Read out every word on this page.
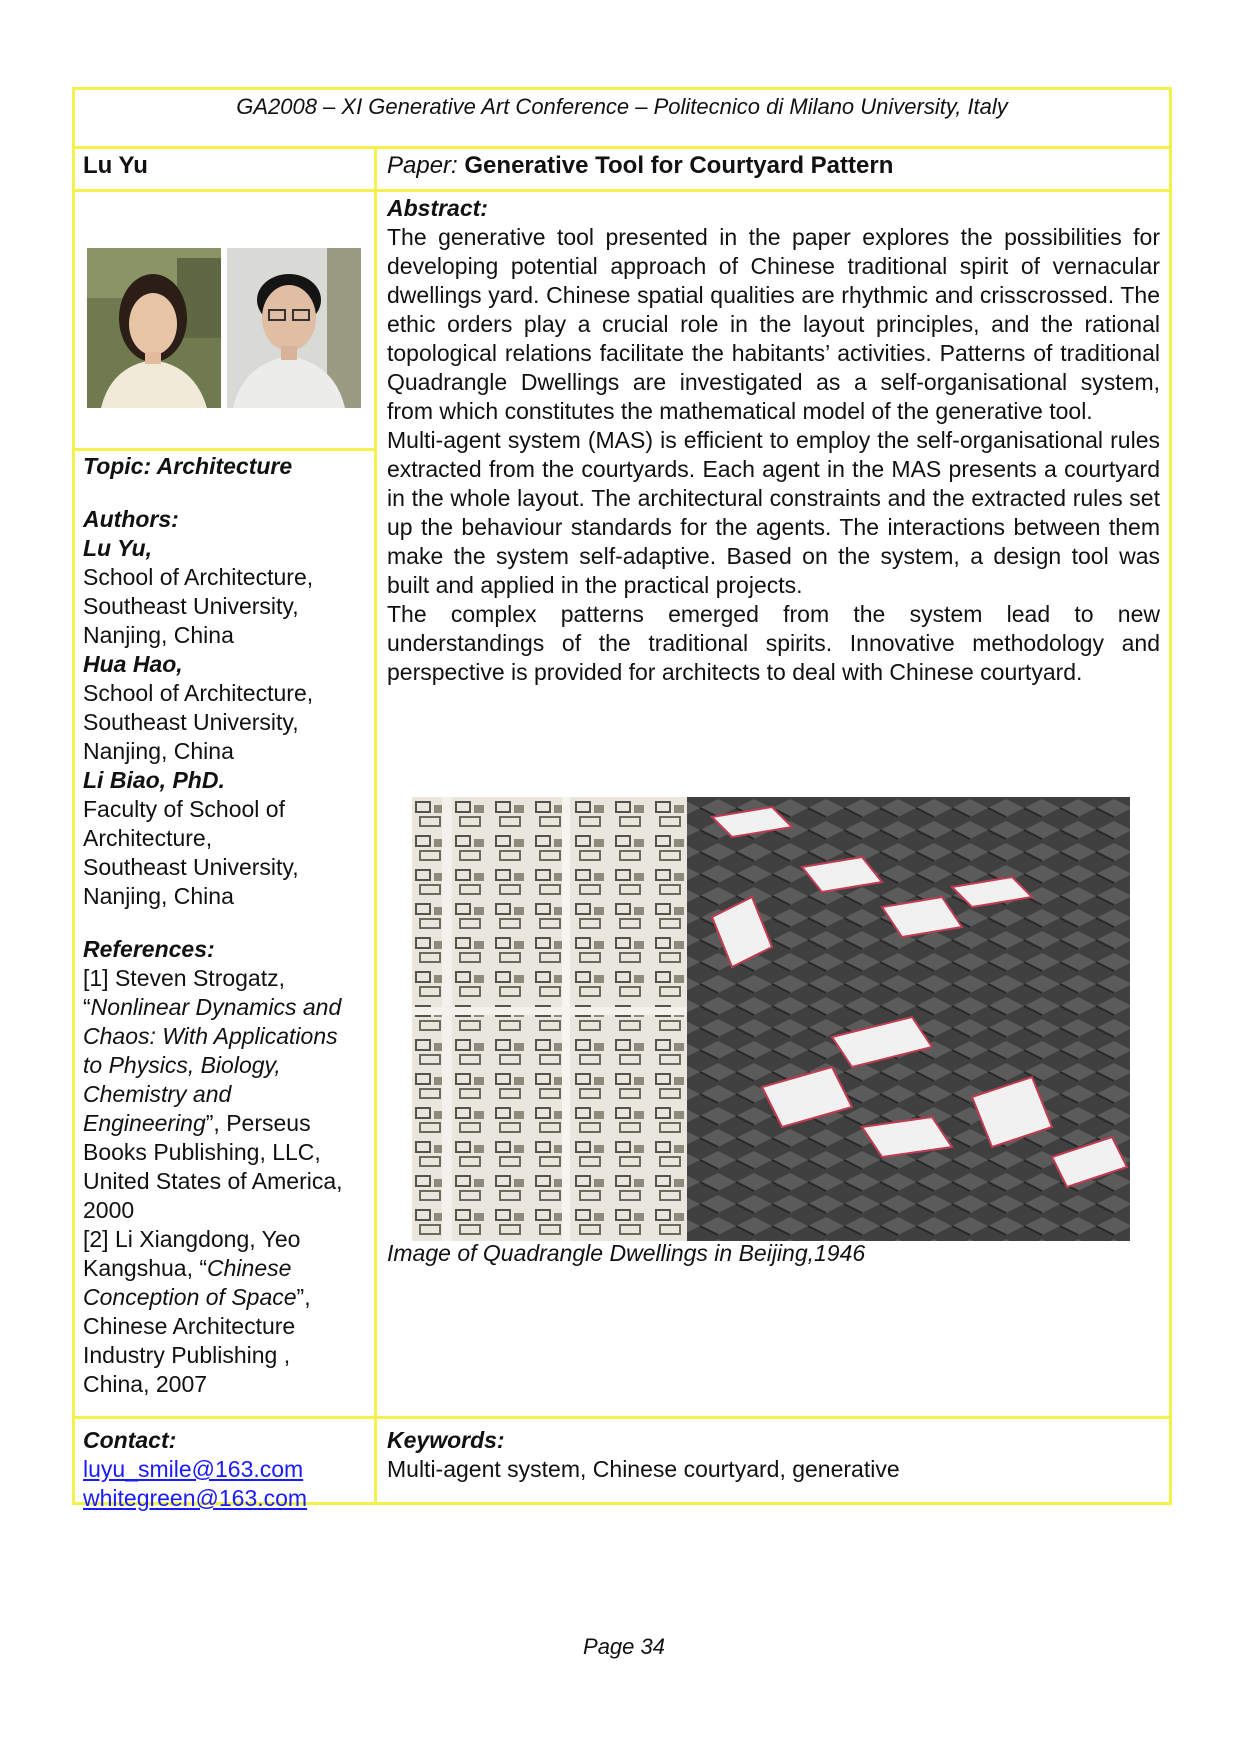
GA2008 – XI Generative Art Conference – Politecnico di Milano University, Italy
Lu Yu	Paper: Generative Tool for Courtyard Pattern
Topic: Architecture
Authors:
Lu Yu,
School of Architecture,
Southeast University,
Nanjing, China
Hua Hao,
School of Architecture,
Southeast University,
Nanjing, China
Li Biao, PhD.
Faculty of School of
Architecture,
Southeast University,
Nanjing, China
References:
[1] Steven Strogatz, “Nonlinear Dynamics and Chaos: With Applications to Physics, Biology, Chemistry and Engineering”, Perseus Books Publishing, LLC, United States of America, 2000
[2] Li Xiangdong, Yeo Kangshua, “Chinese Conception of Space”, Chinese Architecture Industry Publishing , China, 2007
Abstract:

The generative tool presented in the paper explores the possibilities for developing potential approach of Chinese traditional spirit of vernacular dwellings yard. Chinese spatial qualities are rhythmic and crisscrossed. The ethic orders play a crucial role in the layout principles, and the rational topological relations facilitate the habitants’ activities. Patterns of traditional Quadrangle Dwellings are investigated as a self-organisational system, from which constitutes the mathematical model of the generative tool.

Multi-agent system (MAS) is efficient to employ the self-organisational rules extracted from the courtyards. Each agent in the MAS presents a courtyard in the whole layout. The architectural constraints and the extracted rules set up the behaviour standards for the agents. The interactions between them make the system self-adaptive. Based on the system, a design tool was built and applied in the practical projects.

The complex patterns emerged from the system lead to new understandings of the traditional spirits. Innovative methodology and perspective is provided for architects to deal with Chinese courtyard.

Image of Quadrangle Dwellings in Beijing,1946
Contact:
luyu_smile@163.com
whitegreen@163.com
Keywords:
Multi-agent system, Chinese courtyard, generative
Page 34
